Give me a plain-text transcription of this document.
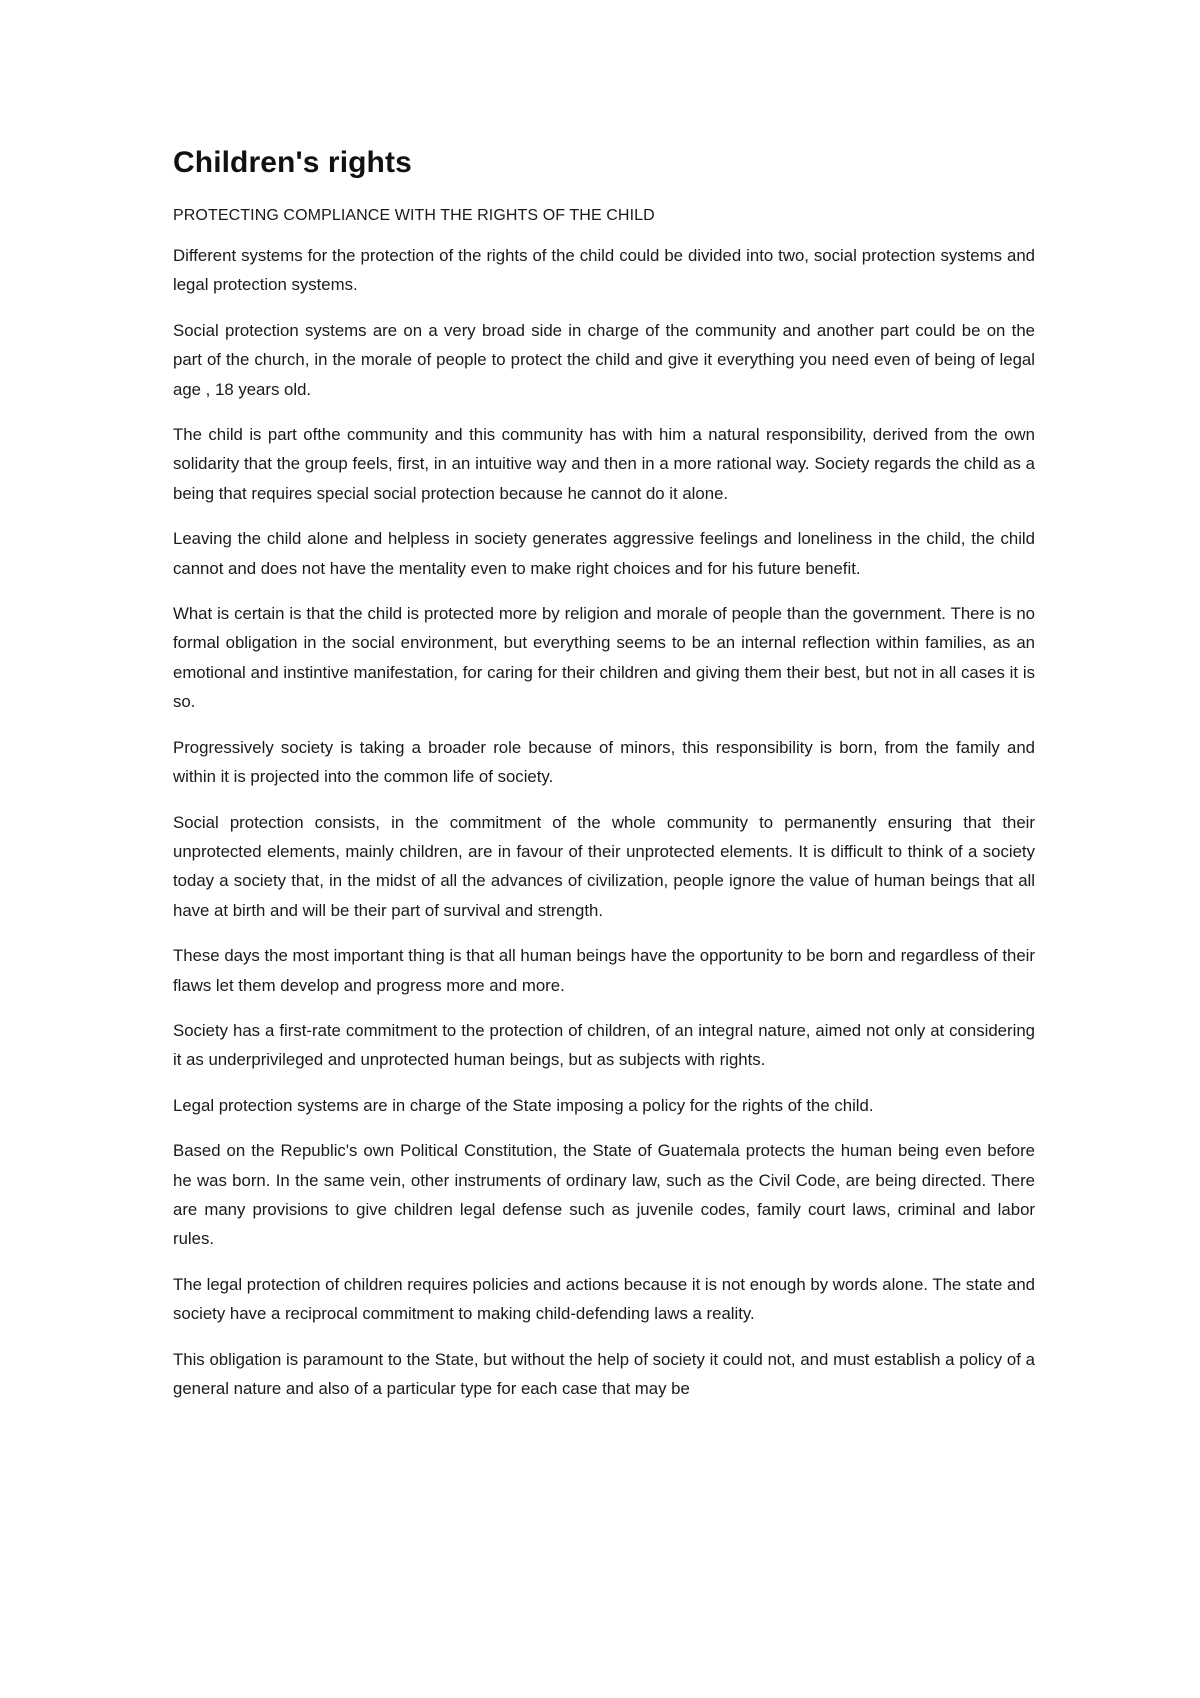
Children's rights

PROTECTING COMPLIANCE WITH THE RIGHTS OF THE CHILD

Different systems for the protection of the rights of the child could be divided into two, social protection systems and legal protection systems.

Social protection systems are on a very broad side in charge of the community and another part could be on the part of the church, in the morale of people to protect the child and give it everything you need even of being of legal age , 18 years old.

The child is part ofthe community and this community has with him a natural responsibility, derived from the own solidarity that the group feels, first, in an intuitive way and then in a more rational way. Society regards the child as a being that requires special social protection because he cannot do it alone.

Leaving the child alone and helpless in society generates aggressive feelings and loneliness in the child, the child cannot and does not have the mentality even to make right choices and for his future benefit.

What is certain is that the child is protected more by religion and morale of people than the government. There is no formal obligation in the social environment, but everything seems to be an internal reflection within families, as an emotional and instintive manifestation, for caring for their children and giving them their best, but not in all cases it is so.

Progressively society is taking a broader role because of minors, this responsibility is born, from the family and within it is projected into the common life of society.

Social protection consists, in the commitment of the whole community to permanently ensuring that their unprotected elements, mainly children, are in favour of their unprotected elements. It is difficult to think of a society today a society that, in the midst of all the advances of civilization, people ignore the value of human beings that all have at birth and will be their part of survival and strength.

These days the most important thing is that all human beings have the opportunity to be born and regardless of their flaws let them develop and progress more and more.

Society has a first-rate commitment to the protection of children, of an integral nature, aimed not only at considering it as underprivileged and unprotected human beings, but as subjects with rights.

Legal protection systems are in charge of the State imposing a policy for the rights of the child.

Based on the Republic's own Political Constitution, the State of Guatemala protects the human being even before he was born. In the same vein, other instruments of ordinary law, such as the Civil Code, are being directed. There are many provisions to give children legal defense such as juvenile codes, family court laws, criminal and labor rules.

The legal protection of children requires policies and actions because it is not enough by words alone. The state and society have a reciprocal commitment to making child-defending laws a reality.

This obligation is paramount to the State, but without the help of society it could not, and must establish a policy of a general nature and also of a particular type for each case that may be
